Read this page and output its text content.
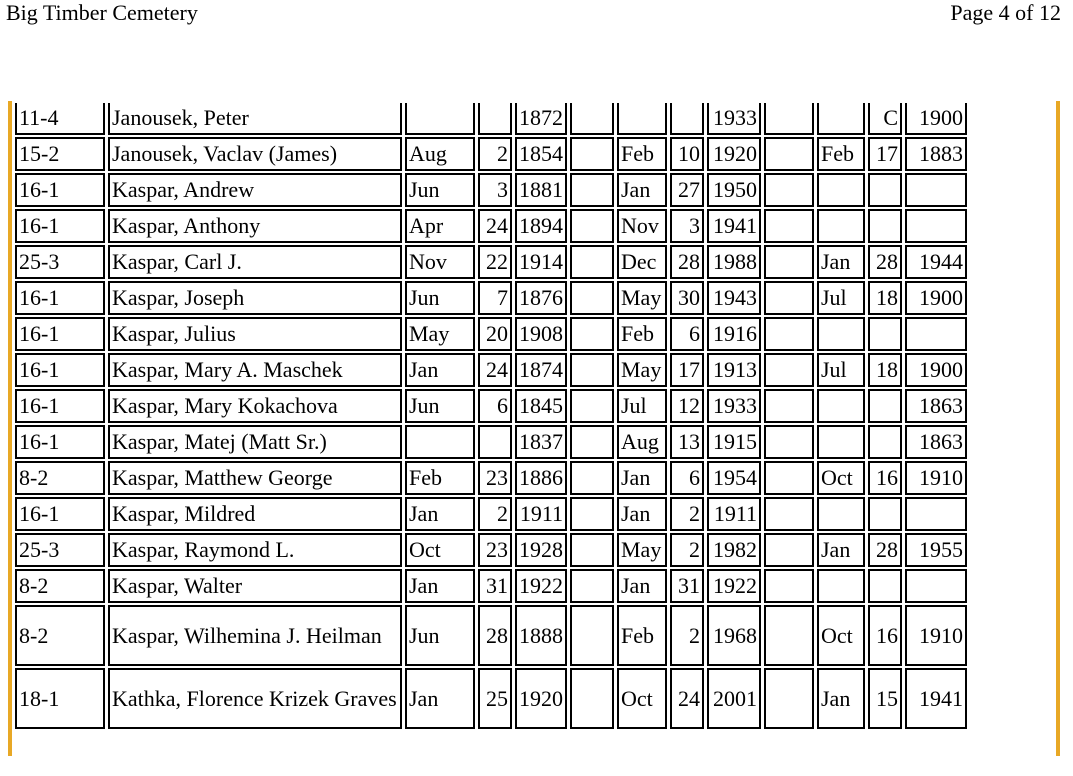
Big Timber Cemetery	Page 4 of 12
11-4	Janousek, Peter			1872				1933			C	1900
15-2	Janousek, Vaclav (James)	Aug	2	1854		Feb	10	1920		Feb	17	1883
16-1	Kaspar, Andrew	Jun	3	1881		Jan	27	1950				
16-1	Kaspar, Anthony	Apr	24	1894		Nov	3	1941				
25-3	Kaspar, Carl J.	Nov	22	1914		Dec	28	1988		Jan	28	1944
16-1	Kaspar, Joseph	Jun	7	1876		May	30	1943		Jul	18	1900
16-1	Kaspar, Julius	May	20	1908		Feb	6	1916				
16-1	Kaspar, Mary A. Maschek	Jan	24	1874		May	17	1913		Jul	18	1900
16-1	Kaspar, Mary Kokachova	Jun	6	1845		Jul	12	1933				1863
16-1	Kaspar, Matej (Matt Sr.)			1837		Aug	13	1915				1863
8-2	Kaspar, Matthew George	Feb	23	1886		Jan	6	1954		Oct	16	1910
16-1	Kaspar, Mildred	Jan	2	1911		Jan	2	1911				
25-3	Kaspar, Raymond L.	Oct	23	1928		May	2	1982		Jan	28	1955
8-2	Kaspar, Walter	Jan	31	1922		Jan	31	1922				
8-2	Kaspar, Wilhemina J. Heilman	Jun	28	1888		Feb	2	1968		Oct	16	1910
18-1	Kathka, Florence Krizek Graves	Jan	25	1920		Oct	24	2001		Jan	15	1941
